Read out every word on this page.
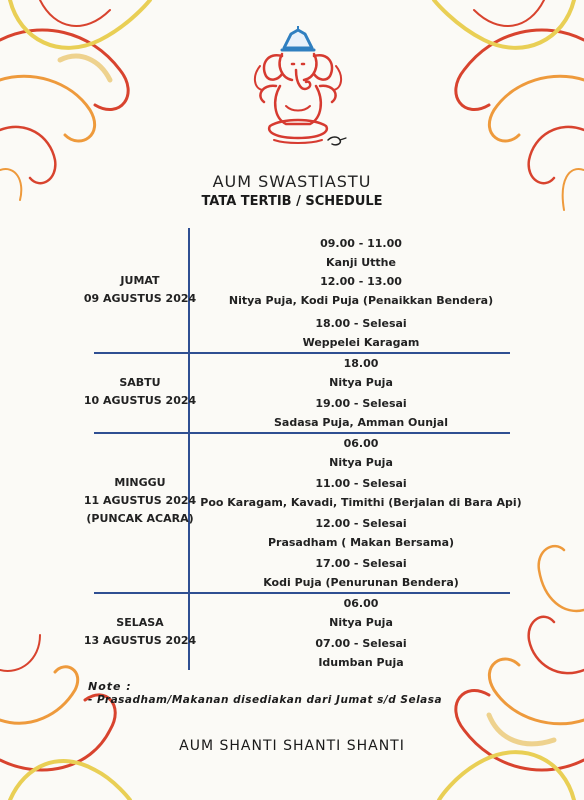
AUM SWASTIASTU
TATA TERTIB / SCHEDULE
JUMAT
09 AGUSTUS 2024
09.00 - 11.00
Kanji Utthe
12.00 - 13.00
Nitya Puja, Kodi Puja (Penaikkan Bendera)
18.00 - Selesai
Weppelei Karagam
SABTU
10 AGUSTUS 2024
18.00
Nitya Puja
19.00 - Selesai
Sadasa Puja, Amman Ounjal
MINGGU
11 AGUSTUS 2024
(PUNCAK ACARA)
06.00
Nitya Puja
11.00 - Selesai
Poo Karagam, Kavadi, Timithi (Berjalan di Bara Api)
12.00 - Selesai
Prasadham ( Makan Bersama)
17.00 - Selesai
Kodi Puja (Penurunan Bendera)
SELASA
13 AGUSTUS 2024
06.00
Nitya Puja
07.00 - Selesai
Idumban Puja
Note :
- Prasadham/Makanan disediakan dari Jumat s/d Selasa
AUM SHANTI SHANTI SHANTI
